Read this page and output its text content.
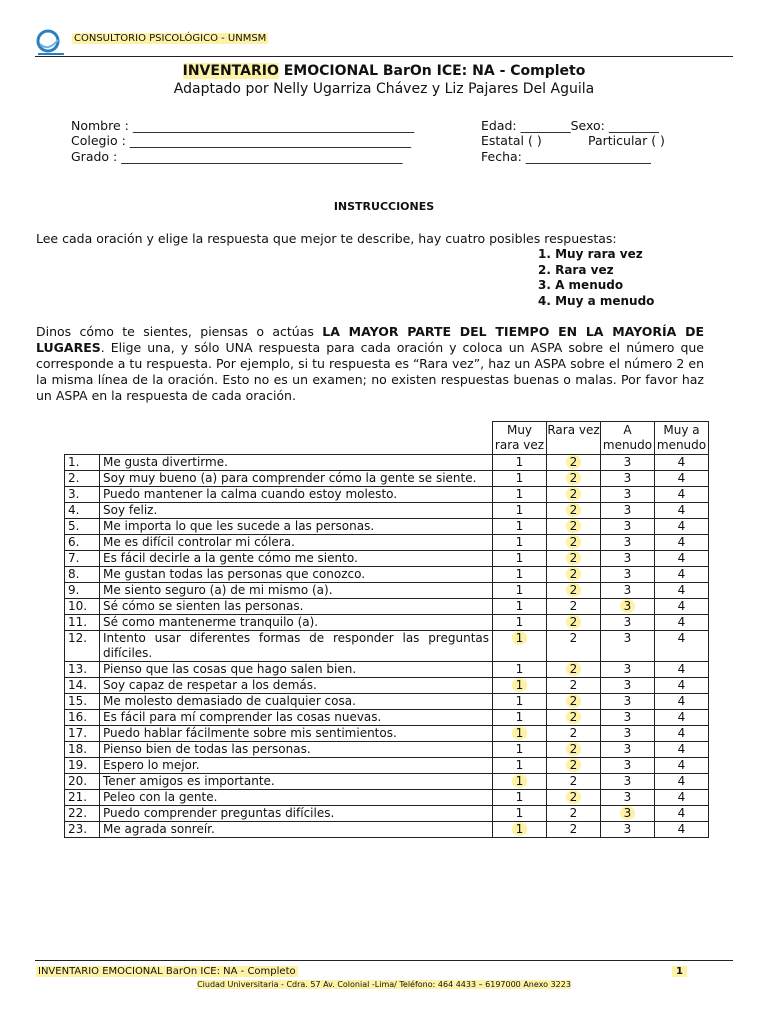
CONSULTORIO PSICOLÓGICO - UNMSM
INVENTARIO EMOCIONAL BarOn ICE: NA - Completo
Adaptado por Nelly Ugarriza Chávez y Liz Pajares Del Aguila
Nombre : _____________________________________________
Colegio : _____________________________________________
Grado : _____________________________________________
Edad: ________Sexo: ________
Estatal ( )	Particular ( )
Fecha: ____________________
INSTRUCCIONES
Lee cada oración y elige la respuesta que mejor te describe, hay cuatro posibles respuestas:
1. Muy rara vez
2. Rara vez
3. A menudo
4. Muy a menudo
Dinos cómo te sientes, piensas o actúas LA MAYOR PARTE DEL TIEMPO EN LA MAYORÍA DE LUGARES. Elige una, y sólo UNA respuesta para cada oración y coloca un ASPA sobre el número que corresponde a tu respuesta. Por ejemplo, si tu respuesta es “Rara vez”, haz un ASPA sobre el número 2 en la misma línea de la oración. Esto no es un examen; no existen respuestas buenas o malas. Por favor haz un ASPA en la respuesta de cada oración.
		Muy rara vez	Rara vez	A menudo	Muy a menudo
1.	Me gusta divertirme.	1	2	3	4
2.	Soy muy bueno (a) para comprender cómo la gente se siente.	1	2	3	4
3.	Puedo mantener la calma cuando estoy molesto.	1	2	3	4
4.	Soy feliz.	1	2	3	4
5.	Me importa lo que les sucede a las personas.	1	2	3	4
6.	Me es difícil controlar mi cólera.	1	2	3	4
7.	Es fácil decirle a la gente cómo me siento.	1	2	3	4
8.	Me gustan todas las personas que conozco.	1	2	3	4
9.	Me siento seguro (a) de mi mismo (a).	1	2	3	4
10.	Sé cómo se sienten las personas.	1	2	3	4
11.	Sé como mantenerme tranquilo (a).	1	2	3	4
12.	Intento usar diferentes formas de responder las preguntas difíciles.	1	2	3	4
13.	Pienso que las cosas que hago salen bien.	1	2	3	4
14.	Soy capaz de respetar a los demás.	1	2	3	4
15.	Me molesto demasiado de cualquier cosa.	1	2	3	4
16.	Es fácil para mí comprender las cosas nuevas.	1	2	3	4
17.	Puedo hablar fácilmente sobre mis sentimientos.	1	2	3	4
18.	Pienso bien de todas las personas.	1	2	3	4
19.	Espero lo mejor.	1	2	3	4
20.	Tener amigos es importante.	1	2	3	4
21.	Peleo con la gente.	1	2	3	4
22.	Puedo comprender preguntas difíciles.	1	2	3	4
23.	Me agrada sonreír.	1	2	3	4
INVENTARIO EMOCIONAL BarOn ICE: NA - Completo	1
Ciudad Universitaria - Cdra. 57 Av. Colonial -Lima/ Teléfono: 464 4433 – 6197000 Anexo 3223
